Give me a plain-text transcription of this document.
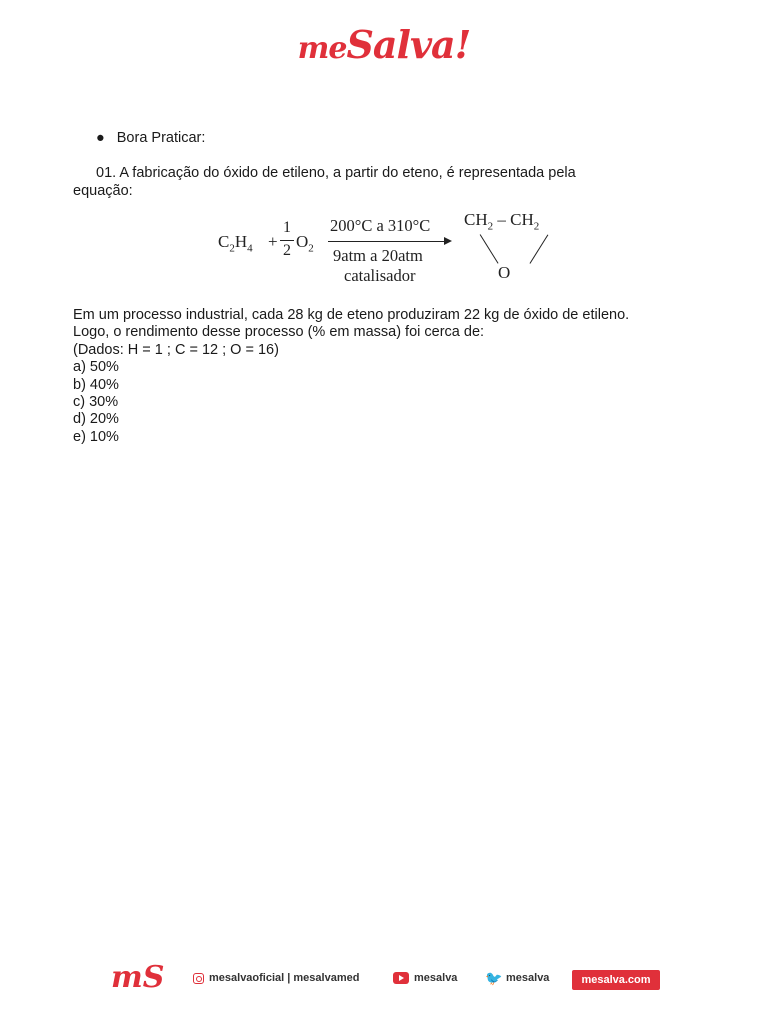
meSalva!
● Bora Praticar:
01. A fabricação do óxido de etileno, a partir do eteno, é representada pela
equação:
$C_2H_4$ +
1
2 $O_2$
200°C a 310°C
9atm a 20atm
catalisador
$CH_2 - CH_2$
O
Em um processo industrial, cada 28 kg de eteno produziram 22 kg de óxido de etileno.
Logo, o rendimento desse processo (% em massa) foi cerca de:
(Dados: H = 1 ; C = 12 ; O = 16)
a) 50%
b) 40%
c) 30%
d) 20%
e) 10%
mS	mesalvaoficial | mesalvamed	mesalva 🐦 mesalva	mesalva.com
